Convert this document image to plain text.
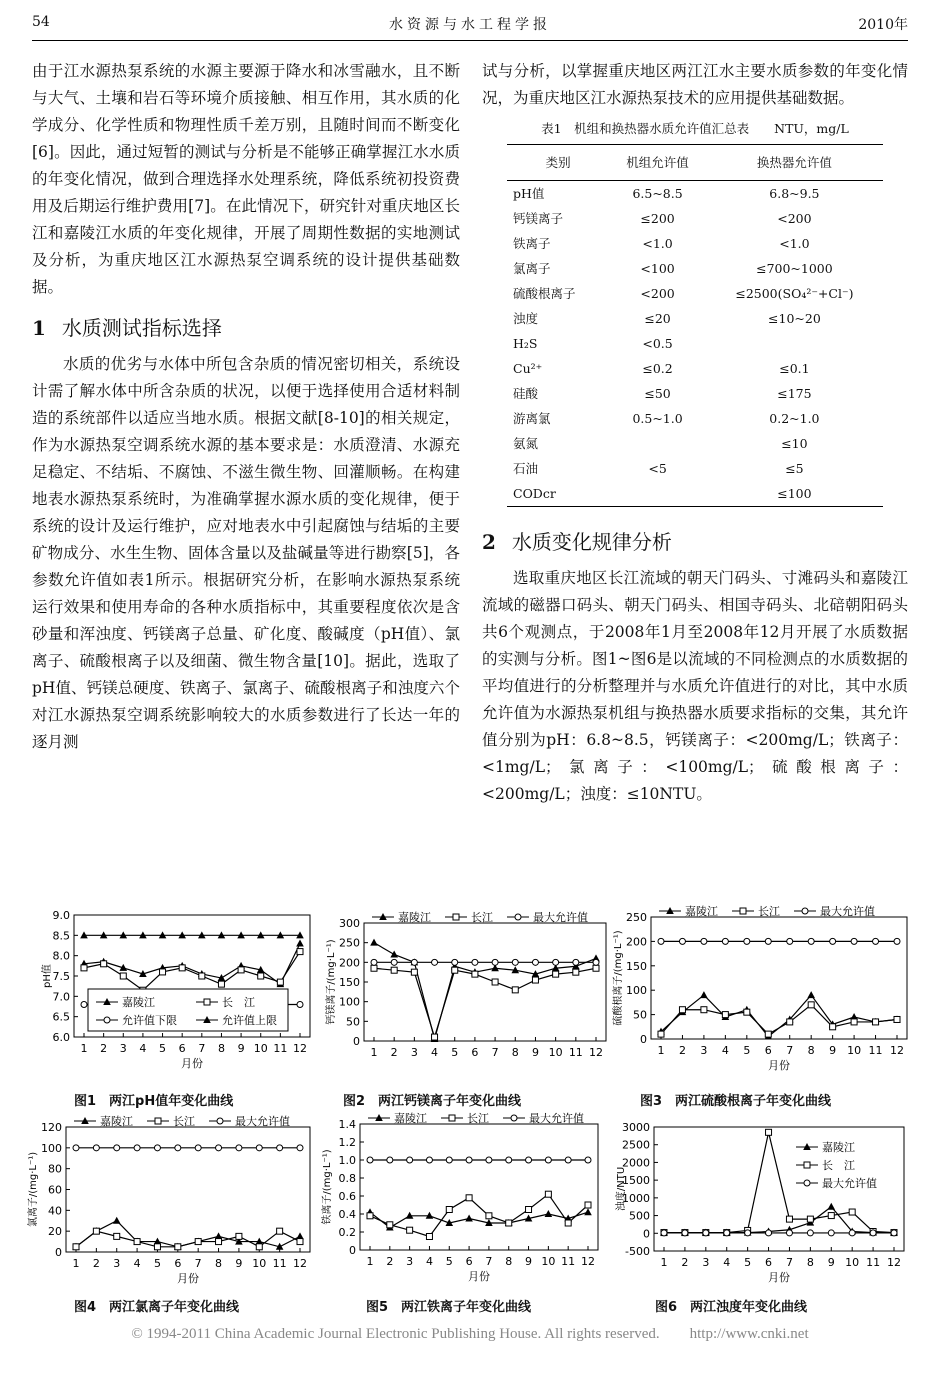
54	水资源与水工程学报	2010年

由于江水源热泵系统的水源主要源于降水和冰雪融水，且不断与大气、土壤和岩石等环境介质接触、相互作用，其水质的化学成分、化学性质和物理性质千差万别，且随时间而不断变化[6]。因此，通过短暂的测试与分析是不能够正确掌握江水水质的年变化情况，做到合理选择水处理系统，降低系统初投资费用及后期运行维护费用[7]。在此情况下，研究针对重庆地区长江和嘉陵江水质的年变化规律，开展了周期性数据的实地测试及分析，为重庆地区江水源热泵空调系统的设计提供基础数据。

1 水质测试指标选择

水质的优劣与水体中所包含杂质的情况密切相关，系统设计需了解水体中所含杂质的状况，以便于选择使用合适材料制造的系统部件以适应当地水质。根据文献[8-10]的相关规定，作为水源热泵空调系统水源的基本要求是：水质澄清、水源充足稳定、不结垢、不腐蚀、不滋生微生物、回灌顺畅。在构建地表水源热泵系统时，为准确掌握水源水质的变化规律，便于系统的设计及运行维护，应对地表水中引起腐蚀与结垢的主要矿物成分、水生生物、固体含量以及盐碱量等进行勘察[5]，各参数允许值如表1所示。根据研究分析，在影响水源热泵系统运行效果和使用寿命的各种水质指标中，其重要程度依次是含砂量和浑浊度、钙镁离子总量、矿化度、酸碱度（pH值）、氯离子、硫酸根离子以及细菌、微生物含量[10]。据此，选取了pH值、钙镁总硬度、铁离子、氯离子、硫酸根离子和浊度六个对江水源热泵空调系统影响较大的水质参数进行了长达一年的逐月测

试与分析，以掌握重庆地区两江江水主要水质参数的年变化情况，为重庆地区江水源热泵技术的应用提供基础数据。

表1　机组和换热器水质允许值汇总表　　NTU，mg/L
类别	机组允许值	换热器允许值
pH值	6.5~8.5	6.8~9.5
钙镁离子	≤200	<200
铁离子	<1.0	<1.0
氯离子	<100	≤700~1000
硫酸根离子	<200	≤2500(SO₄²⁻+Cl⁻)
浊度	≤20	≤10~20
H₂S	<0.5	
Cu²⁺	≤0.2	≤0.1
硅酸	≤50	≤175
游离氯	0.5~1.0	0.2~1.0
氨氮		≤10
石油	<5	≤5
CODcr		≤100
2 水质变化规律分析

选取重庆地区长江流域的朝天门码头、寸滩码头和嘉陵江流域的磁器口码头、朝天门码头、相国寺码头、北碚朝阳码头共6个观测点，于2008年1月至2008年12月开展了水质数据的实测与分析。图1~图6是以流域的不同检测点的水质数据的平均值进行的分析整理并与水质允许值进行的对比，其中水质允许值为水源热泵机组与换热器水质要求指标的交集，其允许值分别为pH：6.8~8.5，钙镁离子：<200mg/L；铁离子：<1mg/L；氯离子：<100mg/L；硫酸根离子：<200mg/L；浊度：≤10NTU。

6.0
6.5
7.0
7.5
8.0
8.5
9.0
1 2 3 4 5 6 7 8 9 10 11 12
月份
pH值
嘉陵江	长　江
允许值下限	允许值上限
0
50
100
150
200
250
300
1 2 3 4 5 6 7 8 9 10 11 12
钙镁离子/(mg·L⁻¹)
嘉陵江	长江	最大允许值
0
50
100
150
200
250
1 2 3 4 5 6 7 8 9 10 11 12
月份
硫酸根离子/(mg·L⁻¹)
嘉陵江	长江	最大允许值
0
20
40
60
80
100
120
1 2 3 4 5 6 7 8 9 10 11 12
月份
氯离子/(mg·L⁻¹)
嘉陵江	长江	最大允许值
0
0.2
0.4
0.6
0.8
1.0
1.2
1.4
1 2 3 4 5 6 7 8 9 10 11 12
月份
铁离子/(mg·L⁻¹)
嘉陵江	长江	最大允许值
-500
0
500
1000
1500
2000
2500
3000
1 2 3 4 5 6 7 8 9 10 11 12
月份
浊度/NTU
嘉陵江
长　江
最大允许值
图1　两江pH值年变化曲线	图2　两江钙镁离子年变化曲线	图3　两江硫酸根离子年变化曲线
图4　两江氯离子年变化曲线	图5　两江铁离子年变化曲线	图6　两江浊度年变化曲线
© 1994-2011 China Academic Journal Electronic Publishing House. All rights reserved.　　http://www.cnki.net
